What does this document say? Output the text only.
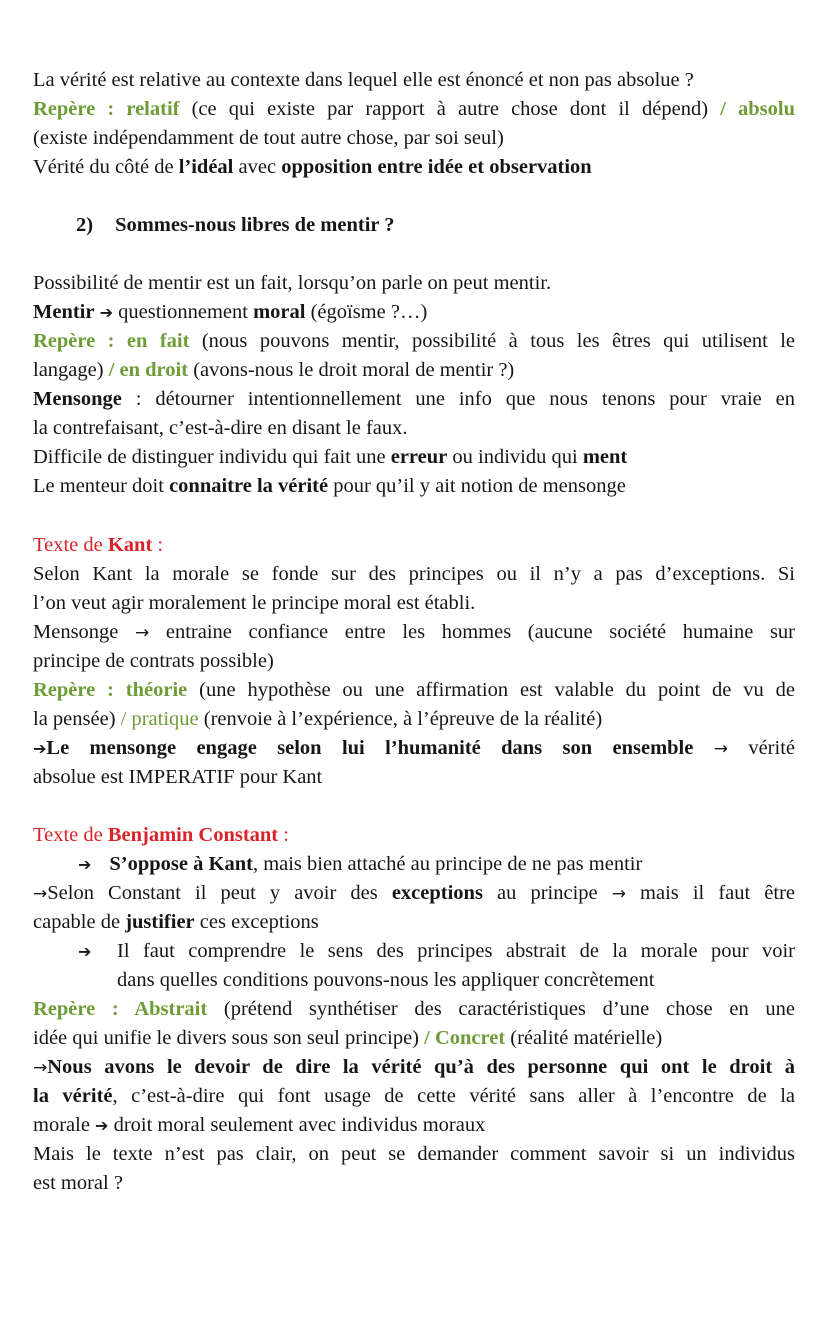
La vérité est relative au contexte dans lequel elle est énoncé et non pas absolue ?
Repère : relatif (ce qui existe par rapport à autre chose dont il dépend) / absolu
(existe indépendamment de tout autre chose, par soi seul)
Vérité du côté de l’idéal avec opposition entre idée et observation
2) Sommes-nous libres de mentir ?
Possibilité de mentir est un fait, lorsqu’on parle on peut mentir.
Mentir ➔ questionnement moral (égoïsme ?…)
Repère : en fait (nous pouvons mentir, possibilité à tous les êtres qui utilisent le
langage) / en droit (avons-nous le droit moral de mentir ?)
Mensonge : détourner intentionnellement une info que nous tenons pour vraie en
la contrefaisant, c’est-à-dire en disant le faux.
Difficile de distinguer individu qui fait une erreur ou individu qui ment
Le menteur doit connaitre la vérité pour qu’il y ait notion de mensonge
Texte de Kant :
Selon Kant la morale se fonde sur des principes ou il n’y a pas d’exceptions. Si
l’on veut agir moralement le principe moral est établi.
Mensonge → entraine confiance entre les hommes (aucune société humaine sur
principe de contrats possible)
Repère : théorie (une hypothèse ou une affirmation est valable du point de vu de
la pensée) / pratique (renvoie à l’expérience, à l’épreuve de la réalité)
➔Le mensonge engage selon lui l’humanité dans son ensemble → vérité
absolue est IMPERATIF pour Kant
Texte de Benjamin Constant :
➔ S’oppose à Kant, mais bien attaché au principe de ne pas mentir
→Selon Constant il peut y avoir des exceptions au principe → mais il faut être
capable de justifier ces exceptions
➔	Il faut comprendre le sens des principes abstrait de la morale pour voir
dans quelles conditions pouvons-nous les appliquer concrètement
Repère : Abstrait (prétend synthétiser des caractéristiques d’une chose en une
idée qui unifie le divers sous son seul principe) / Concret (réalité matérielle)
→Nous avons le devoir de dire la vérité qu’à des personne qui ont le droit à
la vérité, c’est-à-dire qui font usage de cette vérité sans aller à l’encontre de la
morale ➔ droit moral seulement avec individus moraux
Mais le texte n’est pas clair, on peut se demander comment savoir si un individus
est moral ?
